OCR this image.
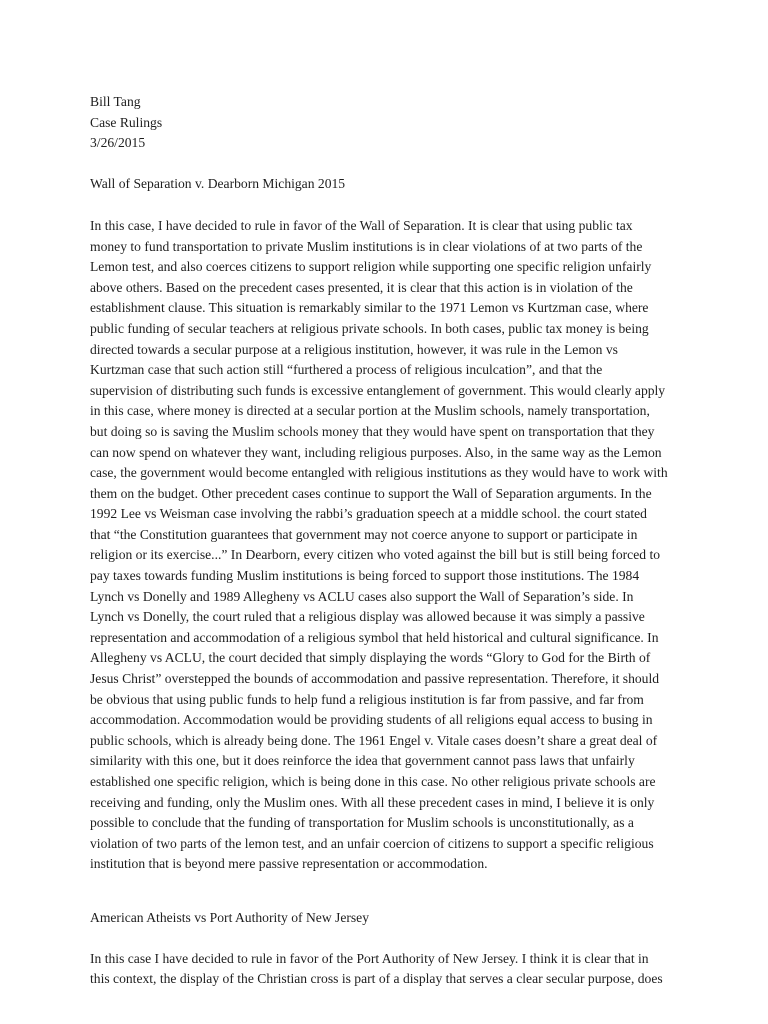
Bill Tang

Case Rulings

3/26/2015

Wall of Separation v. Dearborn Michigan 2015

In this case, I have decided to rule in favor of the Wall of Separation. It is clear that using public tax
money to fund transportation to private Muslim institutions is in clear violations of at two parts of the
Lemon test, and also coerces citizens to support religion while supporting one specific religion unfairly
above others. Based on the precedent cases presented, it is clear that this action is in violation of the
establishment clause. This situation is remarkably similar to the 1971 Lemon vs Kurtzman case, where
public funding of secular teachers at religious private schools. In both cases, public tax money is being
directed towards a secular purpose at a religious institution, however, it was rule in the Lemon vs
Kurtzman case that such action still “furthered a process of religious inculcation”, and that the
supervision of distributing such funds is excessive entanglement of government. This would clearly apply
in this case, where money is directed at a secular portion at the Muslim schools, namely transportation,
but doing so is saving the Muslim schools money that they would have spent on transportation that they
can now spend on whatever they want, including religious purposes. Also, in the same way as the Lemon
case, the government would become entangled with religious institutions as they would have to work with
them on the budget. Other precedent cases continue to support the Wall of Separation arguments. In the
1992 Lee vs Weisman case involving the rabbi’s graduation speech at a middle school. the court stated
that “the Constitution guarantees that government may not coerce anyone to support or participate in
religion or its exercise...” In Dearborn, every citizen who voted against the bill but is still being forced to
pay taxes towards funding Muslim institutions is being forced to support those institutions. The 1984
Lynch vs Donelly and 1989 Allegheny vs ACLU cases also support the Wall of Separation’s side. In
Lynch vs Donelly, the court ruled that a religious display was allowed because it was simply a passive
representation and accommodation of a religious symbol that held historical and cultural significance. In
Allegheny vs ACLU, the court decided that simply displaying the words “Glory to God for the Birth of
Jesus Christ” overstepped the bounds of accommodation and passive representation. Therefore, it should
be obvious that using public funds to help fund a religious institution is far from passive, and far from
accommodation. Accommodation would be providing students of all religions equal access to busing in
public schools, which is already being done. The 1961 Engel v. Vitale cases doesn’t share a great deal of
similarity with this one, but it does reinforce the idea that government cannot pass laws that unfairly
established one specific religion, which is being done in this case. No other religious private schools are
receiving and funding, only the Muslim ones. With all these precedent cases in mind, I believe it is only
possible to conclude that the funding of transportation for Muslim schools is unconstitutionally, as a
violation of two parts of the lemon test, and an unfair coercion of citizens to support a specific religious
institution that is beyond mere passive representation or accommodation.

American Atheists vs Port Authority of New Jersey

In this case I have decided to rule in favor of the Port Authority of New Jersey. I think it is clear that in
this context, the display of the Christian cross is part of a display that serves a clear secular purpose, does
